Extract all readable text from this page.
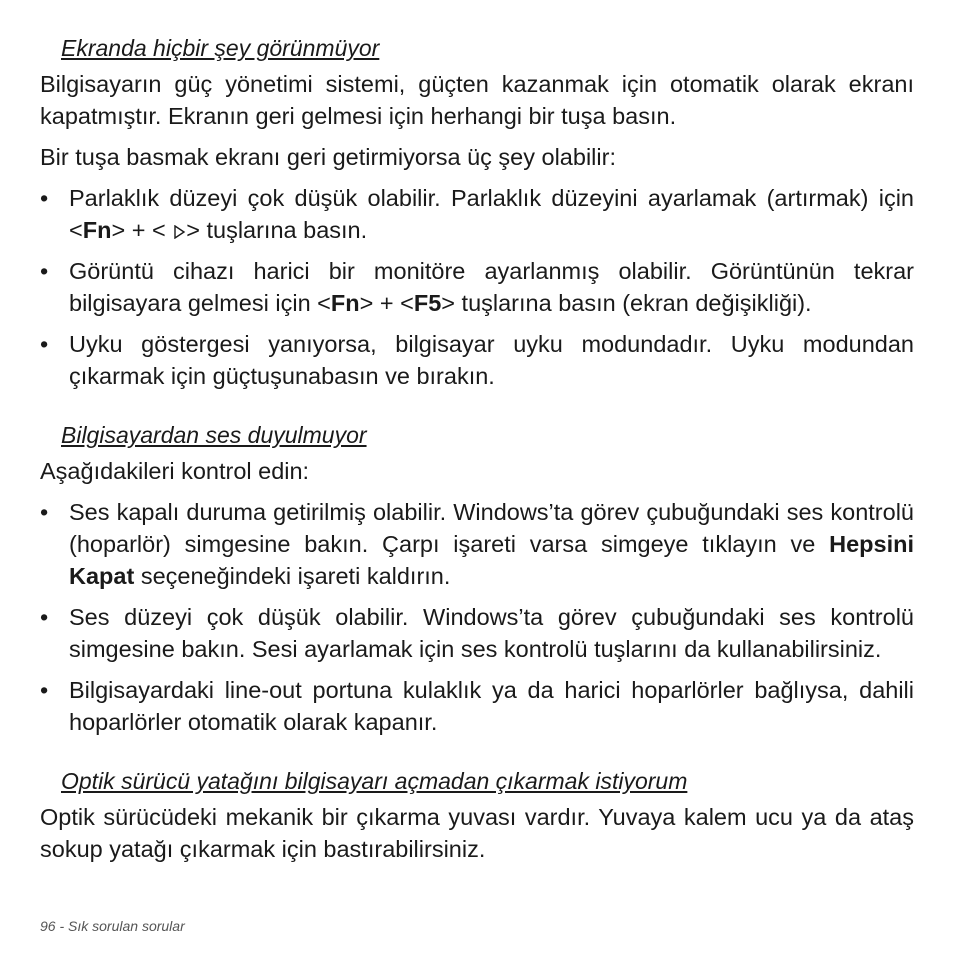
Ekranda hiçbir şey görünmüyor

Bilgisayarın güç yönetimi sistemi, güçten kazanmak için otomatik olarak ekranı kapatmıştır. Ekranın geri gelmesi için herhangi bir tuşa basın.

Bir tuşa basmak ekranı geri getirmiyorsa üç şey olabilir:

• Parlaklık düzeyi çok düşük olabilir. Parlaklık düzeyini ayarlamak (artırmak) için <Fn> + < > tuşlarına basın.
• Görüntü cihazı harici bir monitöre ayarlanmış olabilir. Görüntünün tekrar bilgisayara gelmesi için <Fn> + <F5> tuşlarına basın (ekran değişikliği).
• Uyku göstergesi yanıyorsa, bilgisayar uyku modundadır. Uyku modundan çıkarmak için güçtuşunabasın ve bırakın.
Bilgisayardan ses duyulmuyor

Aşağıdakileri kontrol edin:

• Ses kapalı duruma getirilmiş olabilir. Windows’ta görev çubuğundaki ses kontrolü (hoparlör) simgesine bakın. Çarpı işareti varsa simgeye tıklayın ve Hepsini Kapat seçeneğindeki işareti kaldırın.
• Ses düzeyi çok düşük olabilir. Windows’ta görev çubuğundaki ses kontrolü simgesine bakın. Sesi ayarlamak için ses kontrolü tuşlarını da kullanabilirsiniz.
• Bilgisayardaki line-out portuna kulaklık ya da harici hoparlörler bağlıysa, dahili hoparlörler otomatik olarak kapanır.
Optik sürücü yatağını bilgisayarı açmadan çıkarmak istiyorum

Optik sürücüdeki mekanik bir çıkarma yuvası vardır. Yuvaya kalem ucu ya da ataş sokup yatağı çıkarmak için bastırabilirsiniz.

96 - Sık sorulan sorular
